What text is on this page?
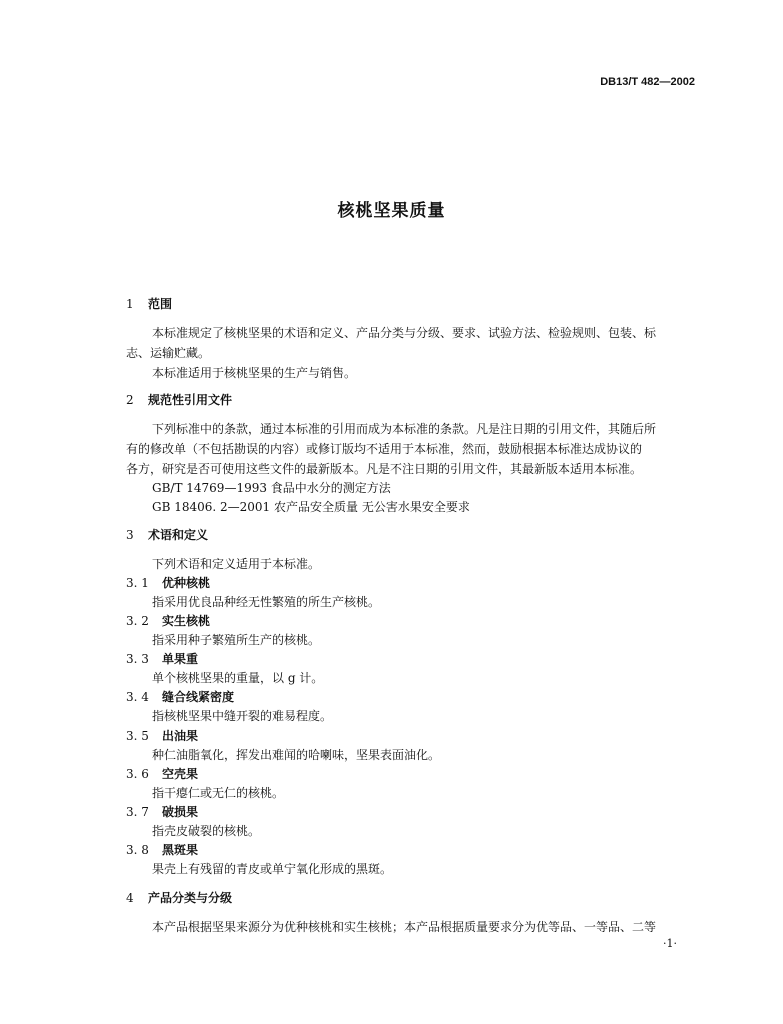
DB13/T 482—2002
核桃坚果质量
1 范围
本标准规定了核桃坚果的术语和定义、产品分类与分级、要求、试验方法、检验规则、包装、标
志、运输贮藏。
本标准适用于核桃坚果的生产与销售。
2 规范性引用文件
下列标准中的条款，通过本标准的引用而成为本标准的条款。凡是注日期的引用文件，其随后所
有的修改单（不包括勘误的内容）或修订版均不适用于本标准，然而，鼓励根据本标准达成协议的
各方，研究是否可使用这些文件的最新版本。凡是不注日期的引用文件，其最新版本适用本标准。
GB/T 14769—1993 食品中水分的测定方法
GB 18406. 2—2001 农产品安全质量 无公害水果安全要求
3 术语和定义
下列术语和定义适用于本标准。
3. 1 优种核桃
指采用优良品种经无性繁殖的所生产核桃。
3. 2 实生核桃
指采用种子繁殖所生产的核桃。
3. 3 单果重
单个核桃坚果的重量，以 g 计。
3. 4 缝合线紧密度
指核桃坚果中缝开裂的难易程度。
3. 5 出油果
种仁油脂氧化，挥发出难闻的哈喇味，坚果表面油化。
3. 6 空壳果
指干瘪仁或无仁的核桃。
3. 7 破损果
指壳皮破裂的核桃。
3. 8 黑斑果
果壳上有残留的青皮或单宁氧化形成的黑斑。
4 产品分类与分级
本产品根据坚果来源分为优种核桃和实生核桃；本产品根据质量要求分为优等品、一等品、二等
·1·
